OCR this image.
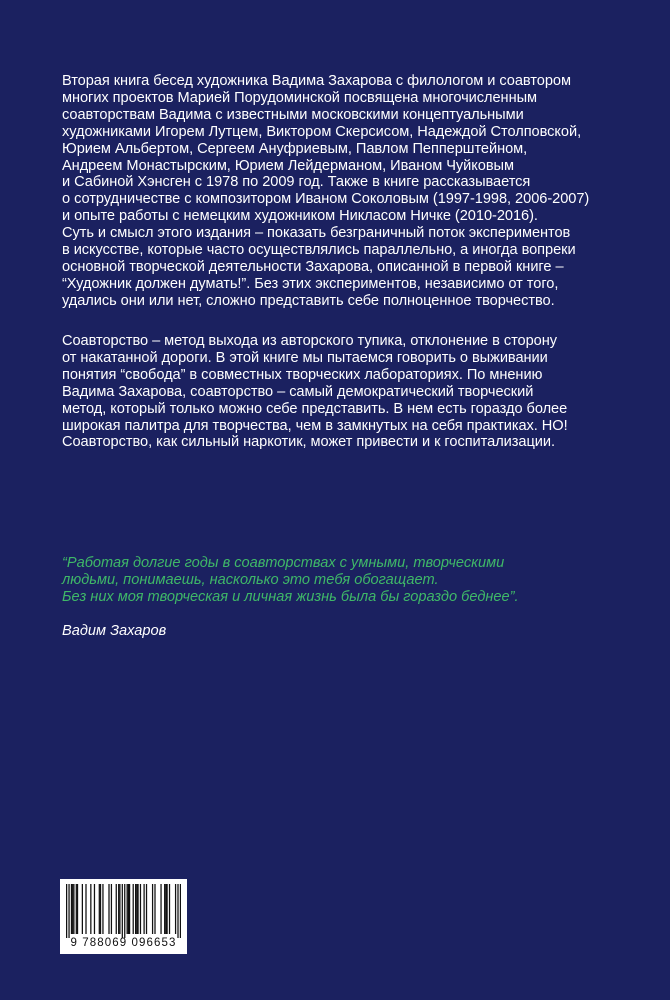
Вторая книга бесед художника Вадима Захарова с филологом и соавтором
многих проектов Марией Порудоминской посвящена многочисленным
соавторствам Вадима с известными московскими концептуальными
художниками Игорем Лутцем, Виктором Скерсисом, Надеждой Столповской,
Юрием Альбертом, Сергеем Ануфриевым, Павлом Пепперштейном,
Андреем Монастырским, Юрием Лейдерманом, Иваном Чуйковым
и Сабиной Хэнсген с 1978 по 2009 год. Также в книге рассказывается
о сотрудничестве с композитором Иваном Соколовым (1997-1998, 2006-2007)
и опыте работы с немецким художником Никласом Ничке (2010-2016).
Суть и смысл этого издания – показать безграничный поток экспериментов
в искусстве, которые часто осуществлялись параллельно, а иногда вопреки
основной творческой деятельности Захарова, описанной в первой книге –
“Художник должен думать!”. Без этих экспериментов, независимо от того,
удались они или нет, сложно представить себе полноценное творчество.
Соавторство – метод выхода из авторского тупика, отклонение в сторону
от накатанной дороги. В этой книге мы пытаемся говорить о выживании
понятия “свобода” в совместных творческих лабораториях. По мнению
Вадима Захарова, соавторство – самый демократический творческий
метод, который только можно себе представить. В нем есть гораздо более
широкая палитра для творчества, чем в замкнутых на себя практиках. НО!
Соавторство, как сильный наркотик, может привести и к госпитализации.
“Работая долгие годы в соавторствах с умными, творческими
людьми, понимаешь, насколько это тебя обогащает.
Без них моя творческая и личная жизнь была бы гораздо беднее”.
Вадим Захаров
9 788069 096653
